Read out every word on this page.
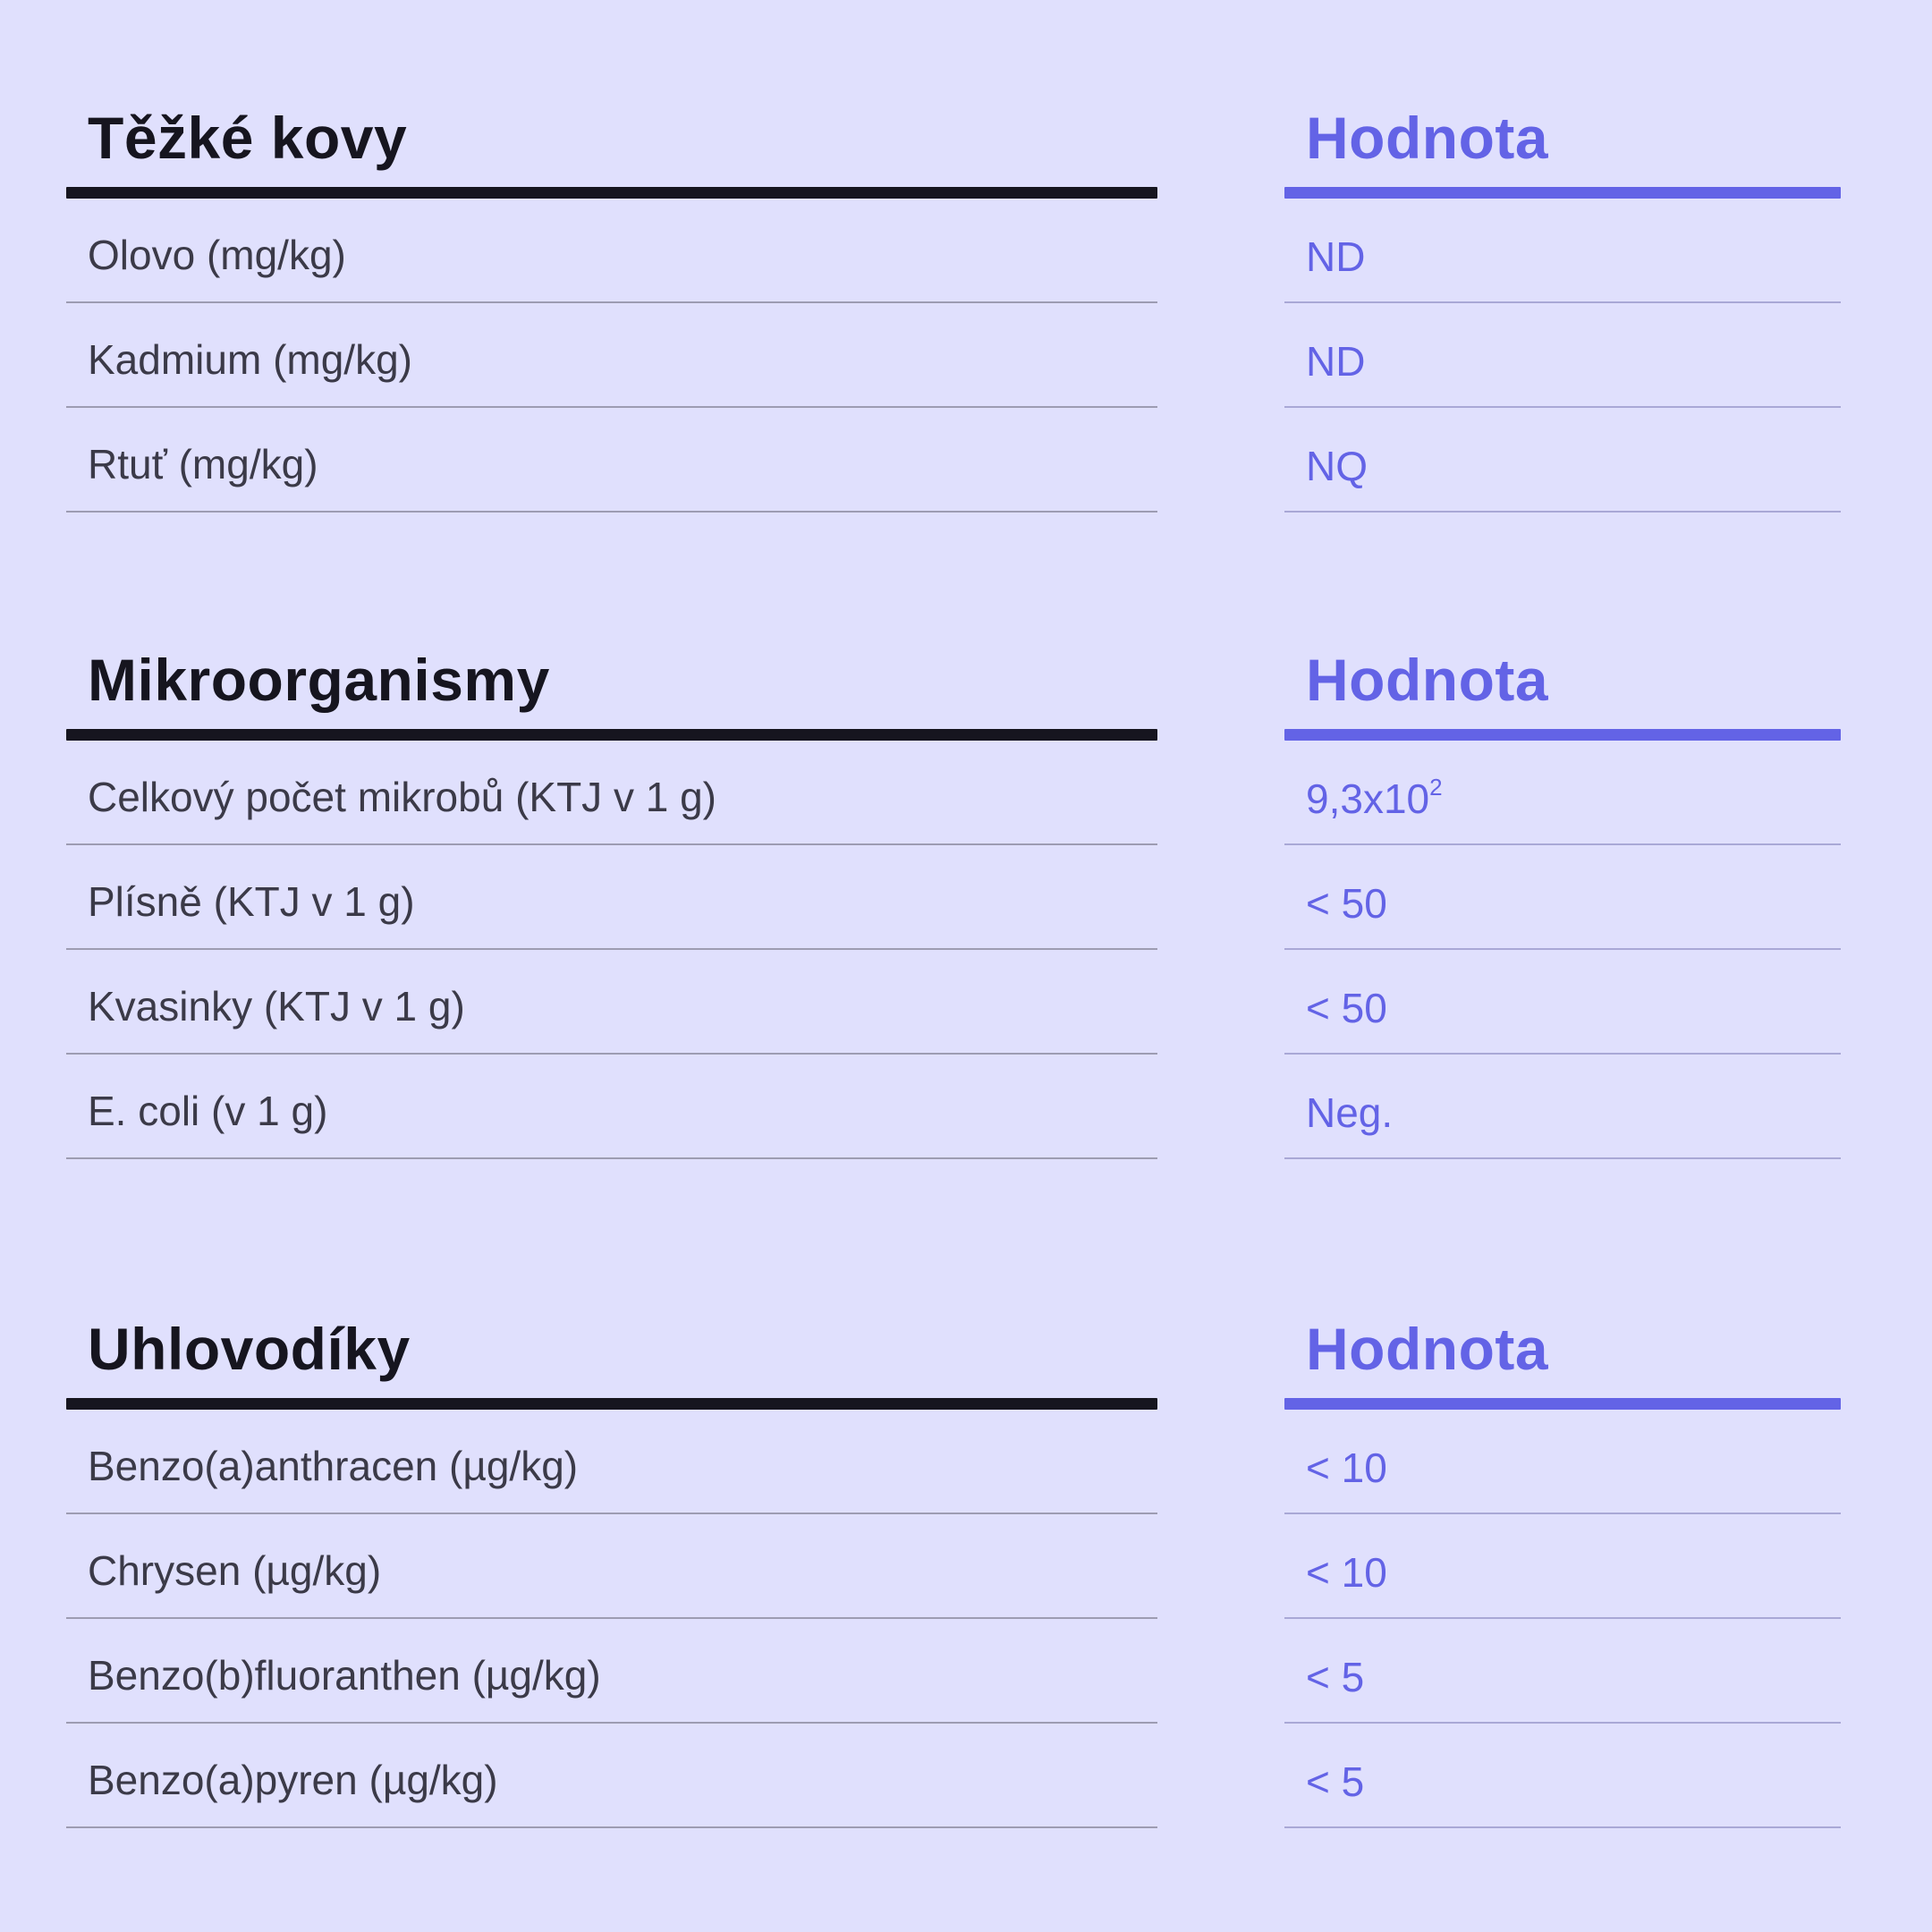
Těžké kovy
Olovo (mg/kg)
Kadmium (mg/kg)
Rtuť (mg/kg)
Hodnota
ND
ND
NQ
Mikroorganismy
Celkový počet mikrobů (KTJ v 1 g)
Plísně (KTJ v 1 g)
Kvasinky (KTJ v 1 g)
E. coli (v 1 g)
Hodnota
$9,3x10^2$
< 50
< 50
Neg.
Uhlovodíky
Benzo(a)anthracen (µg/kg)
Chrysen (µg/kg)
Benzo(b)fluoranthen (µg/kg)
Benzo(a)pyren (µg/kg)
Hodnota
< 10
< 10
< 5
< 5
